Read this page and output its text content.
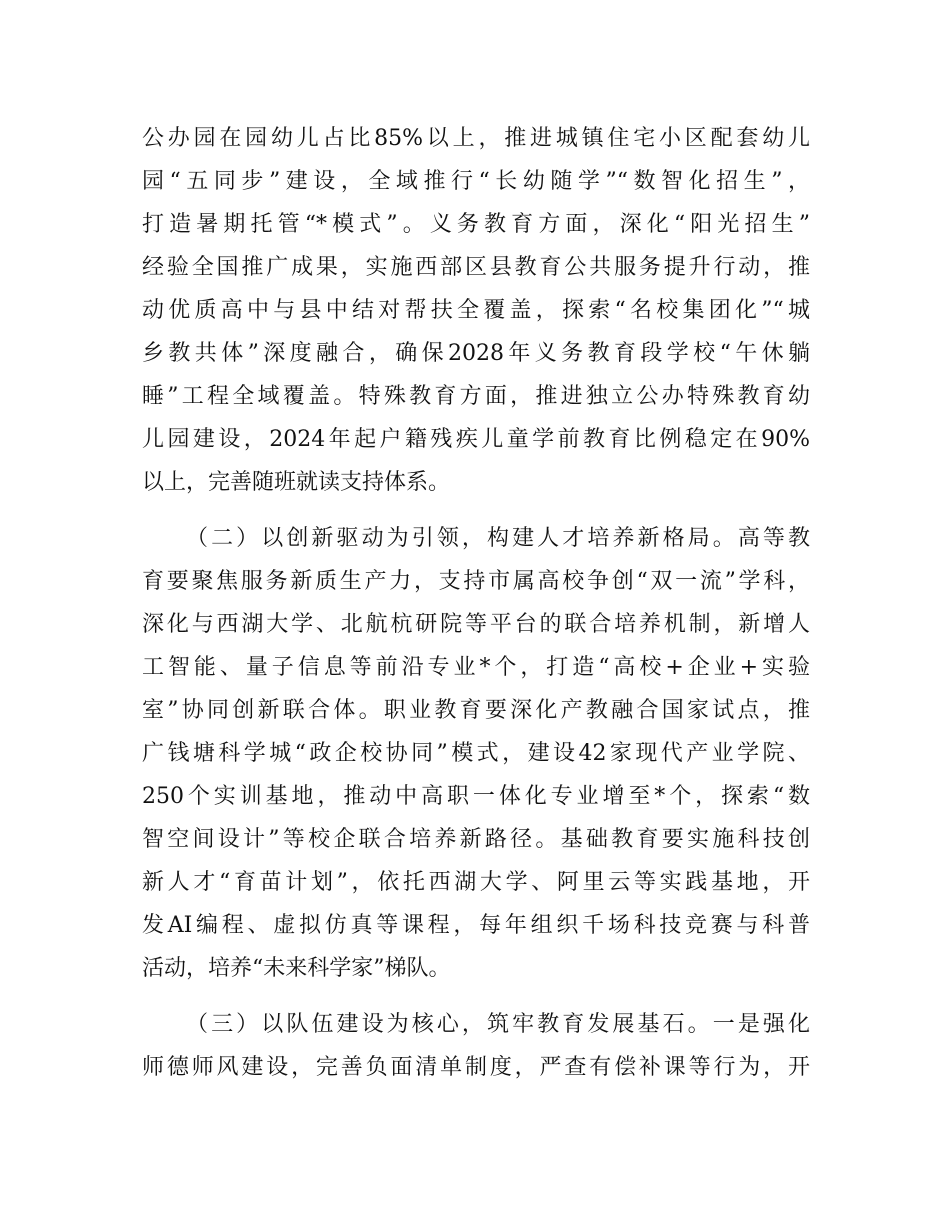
公办园在园幼儿占比85%以上，推进城镇住宅小区配套幼儿
园“五同步”建设，全域推行“长幼随学”“数智化招生”，
打造暑期托管“*模式”。义务教育方面，深化“阳光招生”
经验全国推广成果，实施西部区县教育公共服务提升行动，推
动优质高中与县中结对帮扶全覆盖，探索“名校集团化”“城
乡教共体”深度融合，确保2028年义务教育段学校“午休躺
睡”工程全域覆盖。特殊教育方面，推进独立公办特殊教育幼
儿园建设，2024年起户籍残疾儿童学前教育比例稳定在90%
以上，完善随班就读支持体系。
（二）以创新驱动为引领，构建人才培养新格局。高等教
育要聚焦服务新质生产力，支持市属高校争创“双一流”学科，
深化与西湖大学、北航杭研院等平台的联合培养机制，新增人
工智能、量子信息等前沿专业*个，打造“高校+企业+实验
室”协同创新联合体。职业教育要深化产教融合国家试点，推
广钱塘科学城“政企校协同”模式，建设42家现代产业学院、
250个实训基地，推动中高职一体化专业增至*个，探索“数
智空间设计”等校企联合培养新路径。基础教育要实施科技创
新人才“育苗计划”，依托西湖大学、阿里云等实践基地，开
发AI编程、虚拟仿真等课程，每年组织千场科技竞赛与科普
活动，培养“未来科学家”梯队。
（三）以队伍建设为核心，筑牢教育发展基石。一是强化
师德师风建设，完善负面清单制度，严查有偿补课等行为，开
